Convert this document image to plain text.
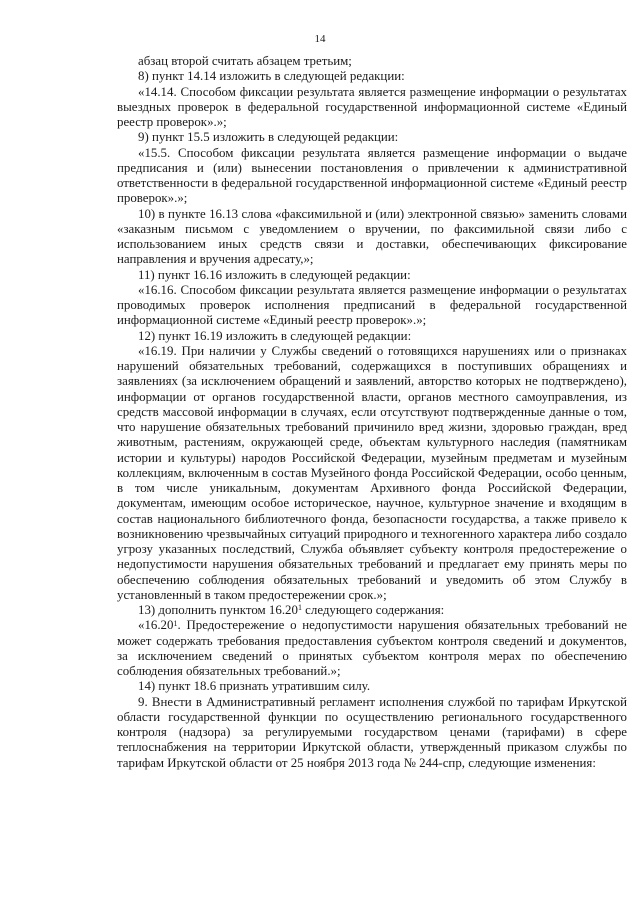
14

абзац второй считать абзацем третьим;

8) пункт 14.14 изложить в следующей редакции:

«14.14. Способом фиксации результата является размещение информации о результатах выездных проверок в федеральной государственной информационной системе «Единый реестр проверок».»;

9) пункт 15.5 изложить в следующей редакции:

«15.5. Способом фиксации результата является размещение информации о выдаче предписания и (или) вынесении постановления о привлечении к административной ответственности в федеральной государственной информационной системе «Единый реестр проверок».»;

10) в пункте 16.13 слова «факсимильной и (или) электронной связью» заменить словами «заказным письмом с уведомлением о вручении, по факсимильной связи либо с использованием иных средств связи и доставки, обеспечивающих фиксирование направления и вручения адресату,»;

11) пункт 16.16 изложить в следующей редакции:

«16.16. Способом фиксации результата является размещение информации о результатах проводимых проверок исполнения предписаний в федеральной государственной информационной системе «Единый реестр проверок».»;

12) пункт 16.19 изложить в следующей редакции:

«16.19. При наличии у Службы сведений о готовящихся нарушениях или о признаках нарушений обязательных требований, содержащихся в поступивших обращениях и заявлениях (за исключением обращений и заявлений, авторство которых не подтверждено), информации от органов государственной власти, органов местного самоуправления, из средств массовой информации в случаях, если отсутствуют подтвержденные данные о том, что нарушение обязательных требований причинило вред жизни, здоровью граждан, вред животным, растениям, окружающей среде, объектам культурного наследия (памятникам истории и культуры) народов Российской Федерации, музейным предметам и музейным коллекциям, включенным в состав Музейного фонда Российской Федерации, особо ценным, в том числе уникальным, документам Архивного фонда Российской Федерации, документам, имеющим особое историческое, научное, культурное значение и входящим в состав национального библиотечного фонда, безопасности государства, а также привело к возникновению чрезвычайных ситуаций природного и техногенного характера либо создало угрозу указанных последствий, Служба объявляет субъекту контроля предостережение о недопустимости нарушения обязательных требований и предлагает ему принять меры по обеспечению соблюдения обязательных требований и уведомить об этом Службу в установленный в таком предостережении срок.»;

13) дополнить пунктом 16.20$^1$ следующего содержания:

«16.20$^1$. Предостережение о недопустимости нарушения обязательных требований не может содержать требования предоставления субъектом контроля сведений и документов, за исключением сведений о принятых субъектом контроля мерах по обеспечению соблюдения обязательных требований.»;

14) пункт 18.6 признать утратившим силу.

9. Внести в Административный регламент исполнения службой по тарифам Иркутской области государственной функции по осуществлению регионального государственного контроля (надзора) за регулируемыми государством ценами (тарифами) в сфере теплоснабжения на территории Иркутской области, утвержденный приказом службы по тарифам Иркутской области от 25 ноября 2013 года № 244-спр, следующие изменения:
